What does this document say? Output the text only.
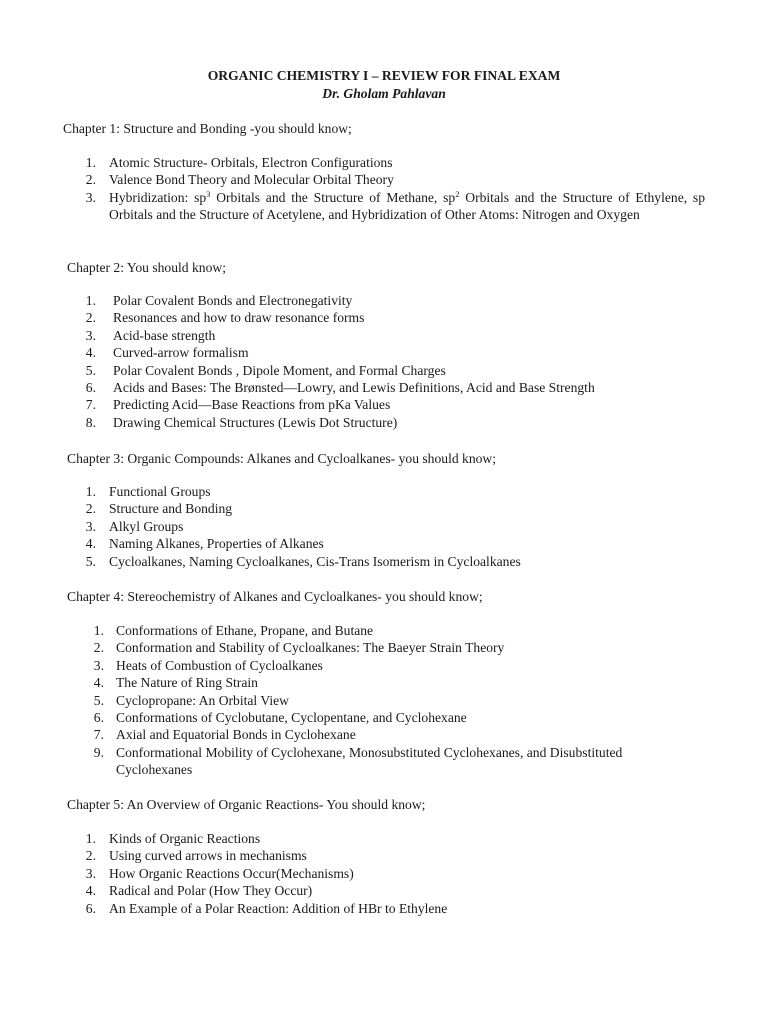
ORGANIC CHEMISTRY I – REVIEW FOR FINAL EXAM
Dr. Gholam Pahlavan
Chapter 1: Structure and Bonding -you should know;
1. Atomic Structure- Orbitals, Electron Configurations
2. Valence Bond Theory and Molecular Orbital Theory
3. Hybridization: $sp^3$ Orbitals and the Structure of Methane, $sp^2$ Orbitals and the Structure of Ethylene, sp Orbitals and the Structure of Acetylene, and Hybridization of Other Atoms: Nitrogen and Oxygen
Chapter 2: You should know;
1.	Polar Covalent Bonds and Electronegativity
2.	Resonances and how to draw resonance forms
3.	Acid-base strength
4.	Curved-arrow formalism
5.	Polar Covalent Bonds , Dipole Moment, and Formal Charges
6.	Acids and Bases: The Brønsted—Lowry, and Lewis Definitions, Acid and Base Strength
7.	Predicting Acid—Base Reactions from pKa Values
8.	Drawing Chemical Structures (Lewis Dot Structure)
Chapter 3: Organic Compounds: Alkanes and Cycloalkanes- you should know;
1. Functional Groups
2. Structure and Bonding
3. Alkyl Groups
4. Naming Alkanes, Properties of Alkanes
5. Cycloalkanes, Naming Cycloalkanes, Cis-Trans Isomerism in Cycloalkanes
Chapter 4: Stereochemistry of Alkanes and Cycloalkanes- you should know;
1. Conformations of Ethane, Propane, and Butane
2. Conformation and Stability of Cycloalkanes: The Baeyer Strain Theory
3. Heats of Combustion of Cycloalkanes
4. The Nature of Ring Strain
5. Cyclopropane: An Orbital View
6. Conformations of Cyclobutane, Cyclopentane, and Cyclohexane
7. Axial and Equatorial Bonds in Cyclohexane
9. Conformational Mobility of Cyclohexane, Monosubstituted Cyclohexanes, and Disubstituted Cyclohexanes
Chapter 5: An Overview of Organic Reactions- You should know;
1. Kinds of Organic Reactions
2. Using curved arrows in mechanisms
3. How Organic Reactions Occur(Mechanisms)
4. Radical and Polar (How They Occur)
6. An Example of a Polar Reaction: Addition of HBr to Ethylene
